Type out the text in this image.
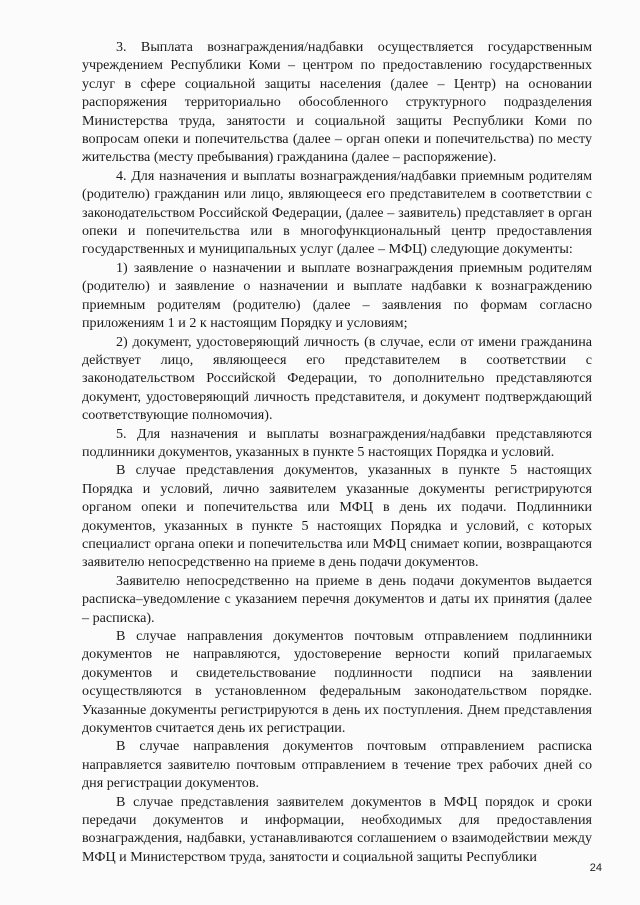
3. Выплата вознаграждения/надбавки осуществляется государственным учреждением Республики Коми – центром по предоставлению государственных услуг в сфере социальной защиты населения (далее – Центр) на основании распоряжения территориально обособленного структурного подразделения Министерства труда, занятости и социальной защиты Республики Коми по вопросам опеки и попечительства (далее – орган опеки и попечительства) по месту жительства (месту пребывания) гражданина (далее – распоряжение).

4. Для назначения и выплаты вознаграждения/надбавки приемным родителям (родителю) гражданин или лицо, являющееся его представителем в соответствии с законодательством Российской Федерации, (далее – заявитель) представляет в орган опеки и попечительства или в многофункциональный центр предоставления государственных и муниципальных услуг (далее – МФЦ) следующие документы:

1) заявление о назначении и выплате вознаграждения приемным родителям (родителю) и заявление о назначении и выплате надбавки к вознаграждению приемным родителям (родителю) (далее – заявления по формам согласно приложениям 1 и 2 к настоящим Порядку и условиям;

2) документ, удостоверяющий личность (в случае, если от имени гражданина действует лицо, являющееся его представителем в соответствии с законодательством Российской Федерации, то дополнительно представляются документ, удостоверяющий личность представителя, и документ подтверждающий соответствующие полномочия).

5. Для назначения и выплаты вознаграждения/надбавки представляются подлинники документов, указанных в пункте 5 настоящих Порядка и условий.

В случае представления документов, указанных в пункте 5 настоящих Порядка и условий, лично заявителем указанные документы регистрируются органом опеки и попечительства или МФЦ в день их подачи. Подлинники документов, указанных в пункте 5 настоящих Порядка и условий, с которых специалист органа опеки и попечительства или МФЦ снимает копии, возвращаются заявителю непосредственно на приеме в день подачи документов.

Заявителю непосредственно на приеме в день подачи документов выдается расписка–уведомление с указанием перечня документов и даты их принятия (далее – расписка).

В случае направления документов почтовым отправлением подлинники документов не направляются, удостоверение верности копий прилагаемых документов и свидетельствование подлинности подписи на заявлении осуществляются в установленном федеральным законодательством порядке. Указанные документы регистрируются в день их поступления. Днем представления документов считается день их регистрации.

В случае направления документов почтовым отправлением расписка направляется заявителю почтовым отправлением в течение трех рабочих дней со дня регистрации документов.

В случае представления заявителем документов в МФЦ порядок и сроки передачи документов и информации, необходимых для предоставления вознаграждения, надбавки, устанавливаются соглашением о взаимодействии между МФЦ и Министерством труда, занятости и социальной защиты Республики

24
